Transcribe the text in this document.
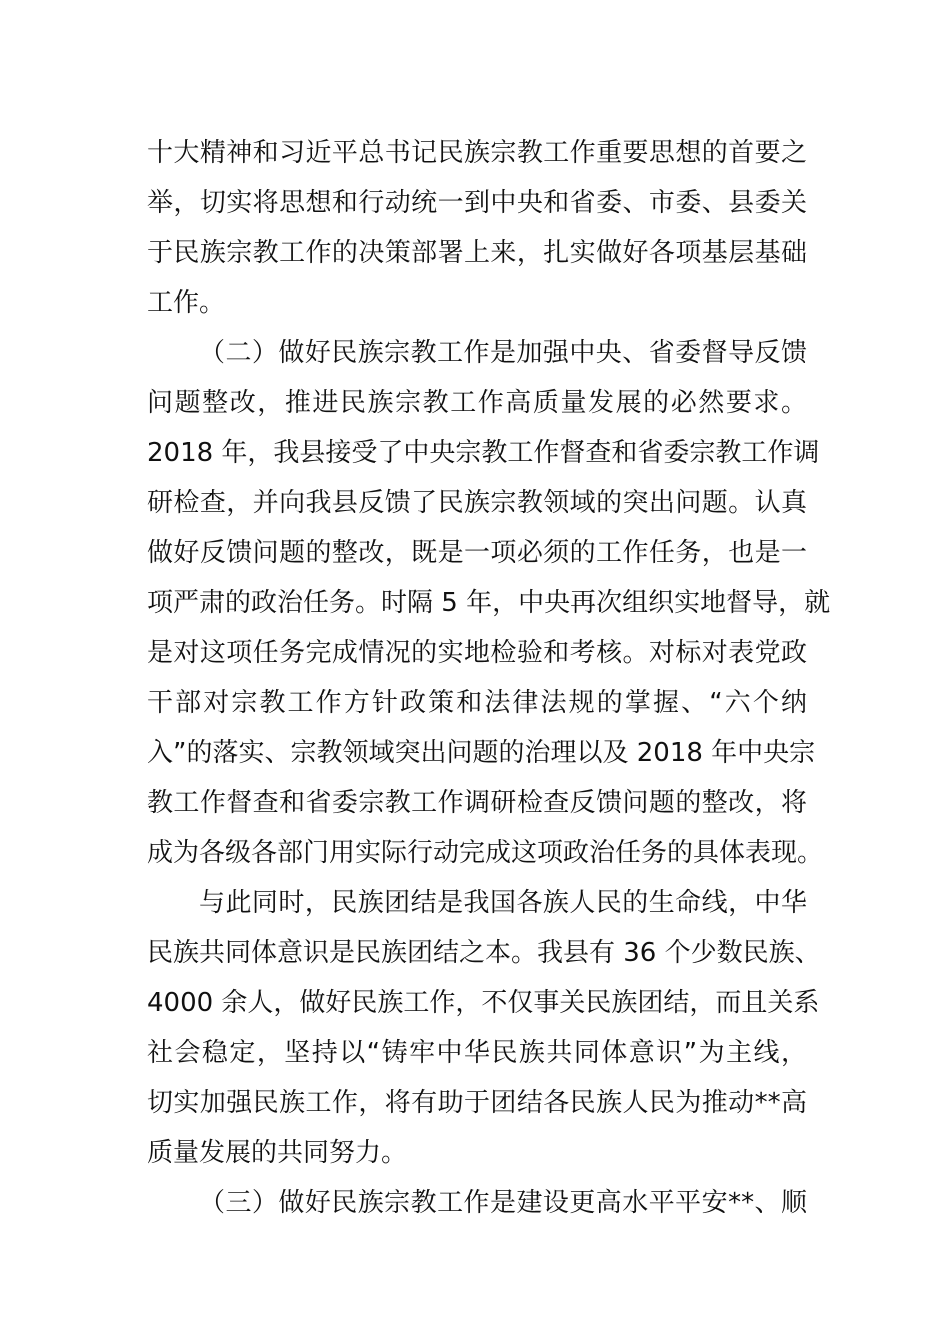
十大精神和习近平总书记民族宗教工作重要思想的首要之
举，切实将思想和行动统一到中央和省委、市委、县委关
于民族宗教工作的决策部署上来，扎实做好各项基层基础
工作。
（二）做好民族宗教工作是加强中央、省委督导反馈
问题整改，推进民族宗教工作高质量发展的必然要求。
2018 年，我县接受了中央宗教工作督查和省委宗教工作调
研检查，并向我县反馈了民族宗教领域的突出问题。认真
做好反馈问题的整改，既是一项必须的工作任务，也是一
项严肃的政治任务。时隔 5 年，中央再次组织实地督导，就
是对这项任务完成情况的实地检验和考核。对标对表党政
干部对宗教工作方针政策和法律法规的掌握、“六个纳
入”的落实、宗教领域突出问题的治理以及 2018 年中央宗
教工作督查和省委宗教工作调研检查反馈问题的整改，将
成为各级各部门用实际行动完成这项政治任务的具体表现。
与此同时，民族团结是我国各族人民的生命线，中华
民族共同体意识是民族团结之本。我县有 36 个少数民族、
4000 余人，做好民族工作，不仅事关民族团结，而且关系
社会稳定，坚持以“铸牢中华民族共同体意识”为主线，
切实加强民族工作，将有助于团结各民族人民为推动**高
质量发展的共同努力。
（三）做好民族宗教工作是建设更高水平平安**、顺
